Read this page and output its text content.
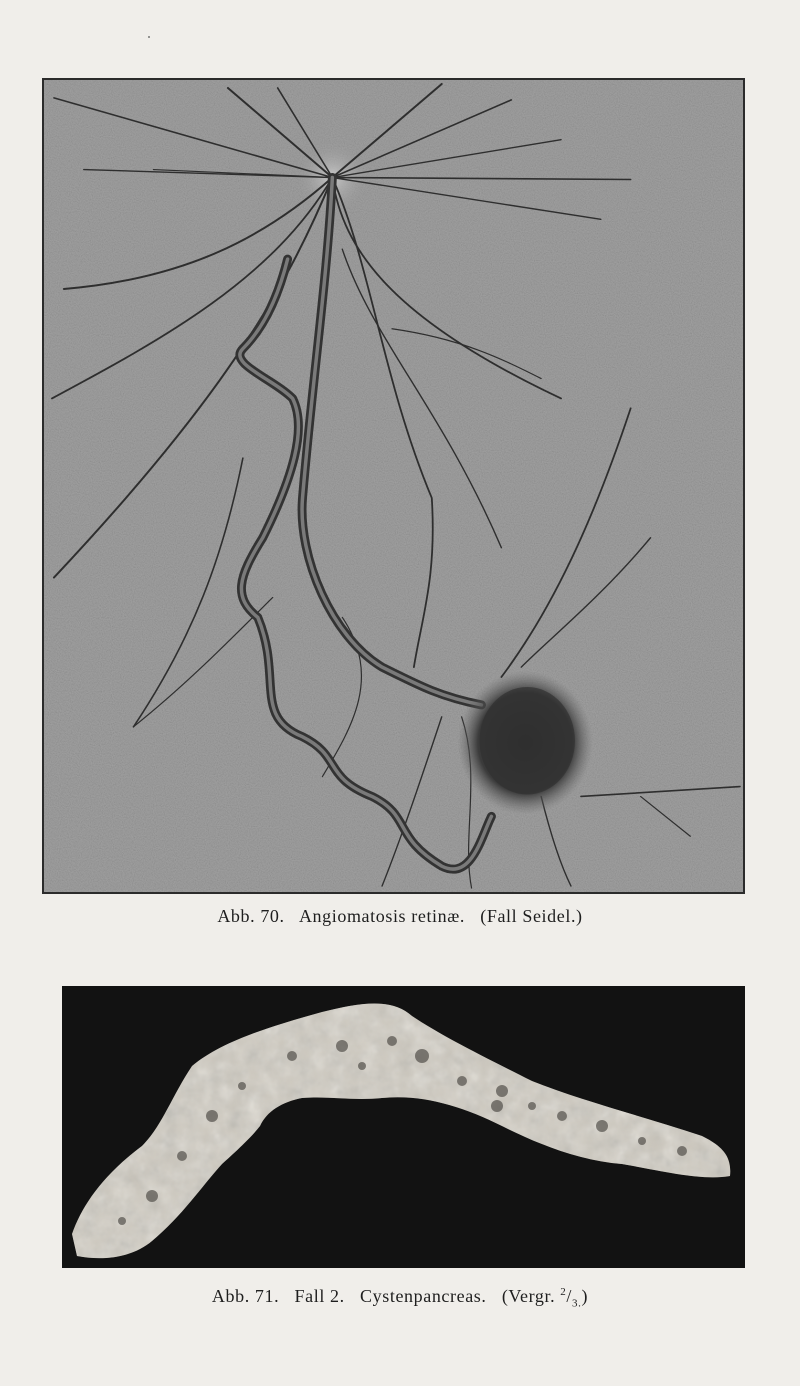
Abb. 70. Angiomatosis retinæ. (Fall Seidel.)
Abb. 71. Fall 2. Cystenpancreas. (Vergr. $^2/_{3.}$)
